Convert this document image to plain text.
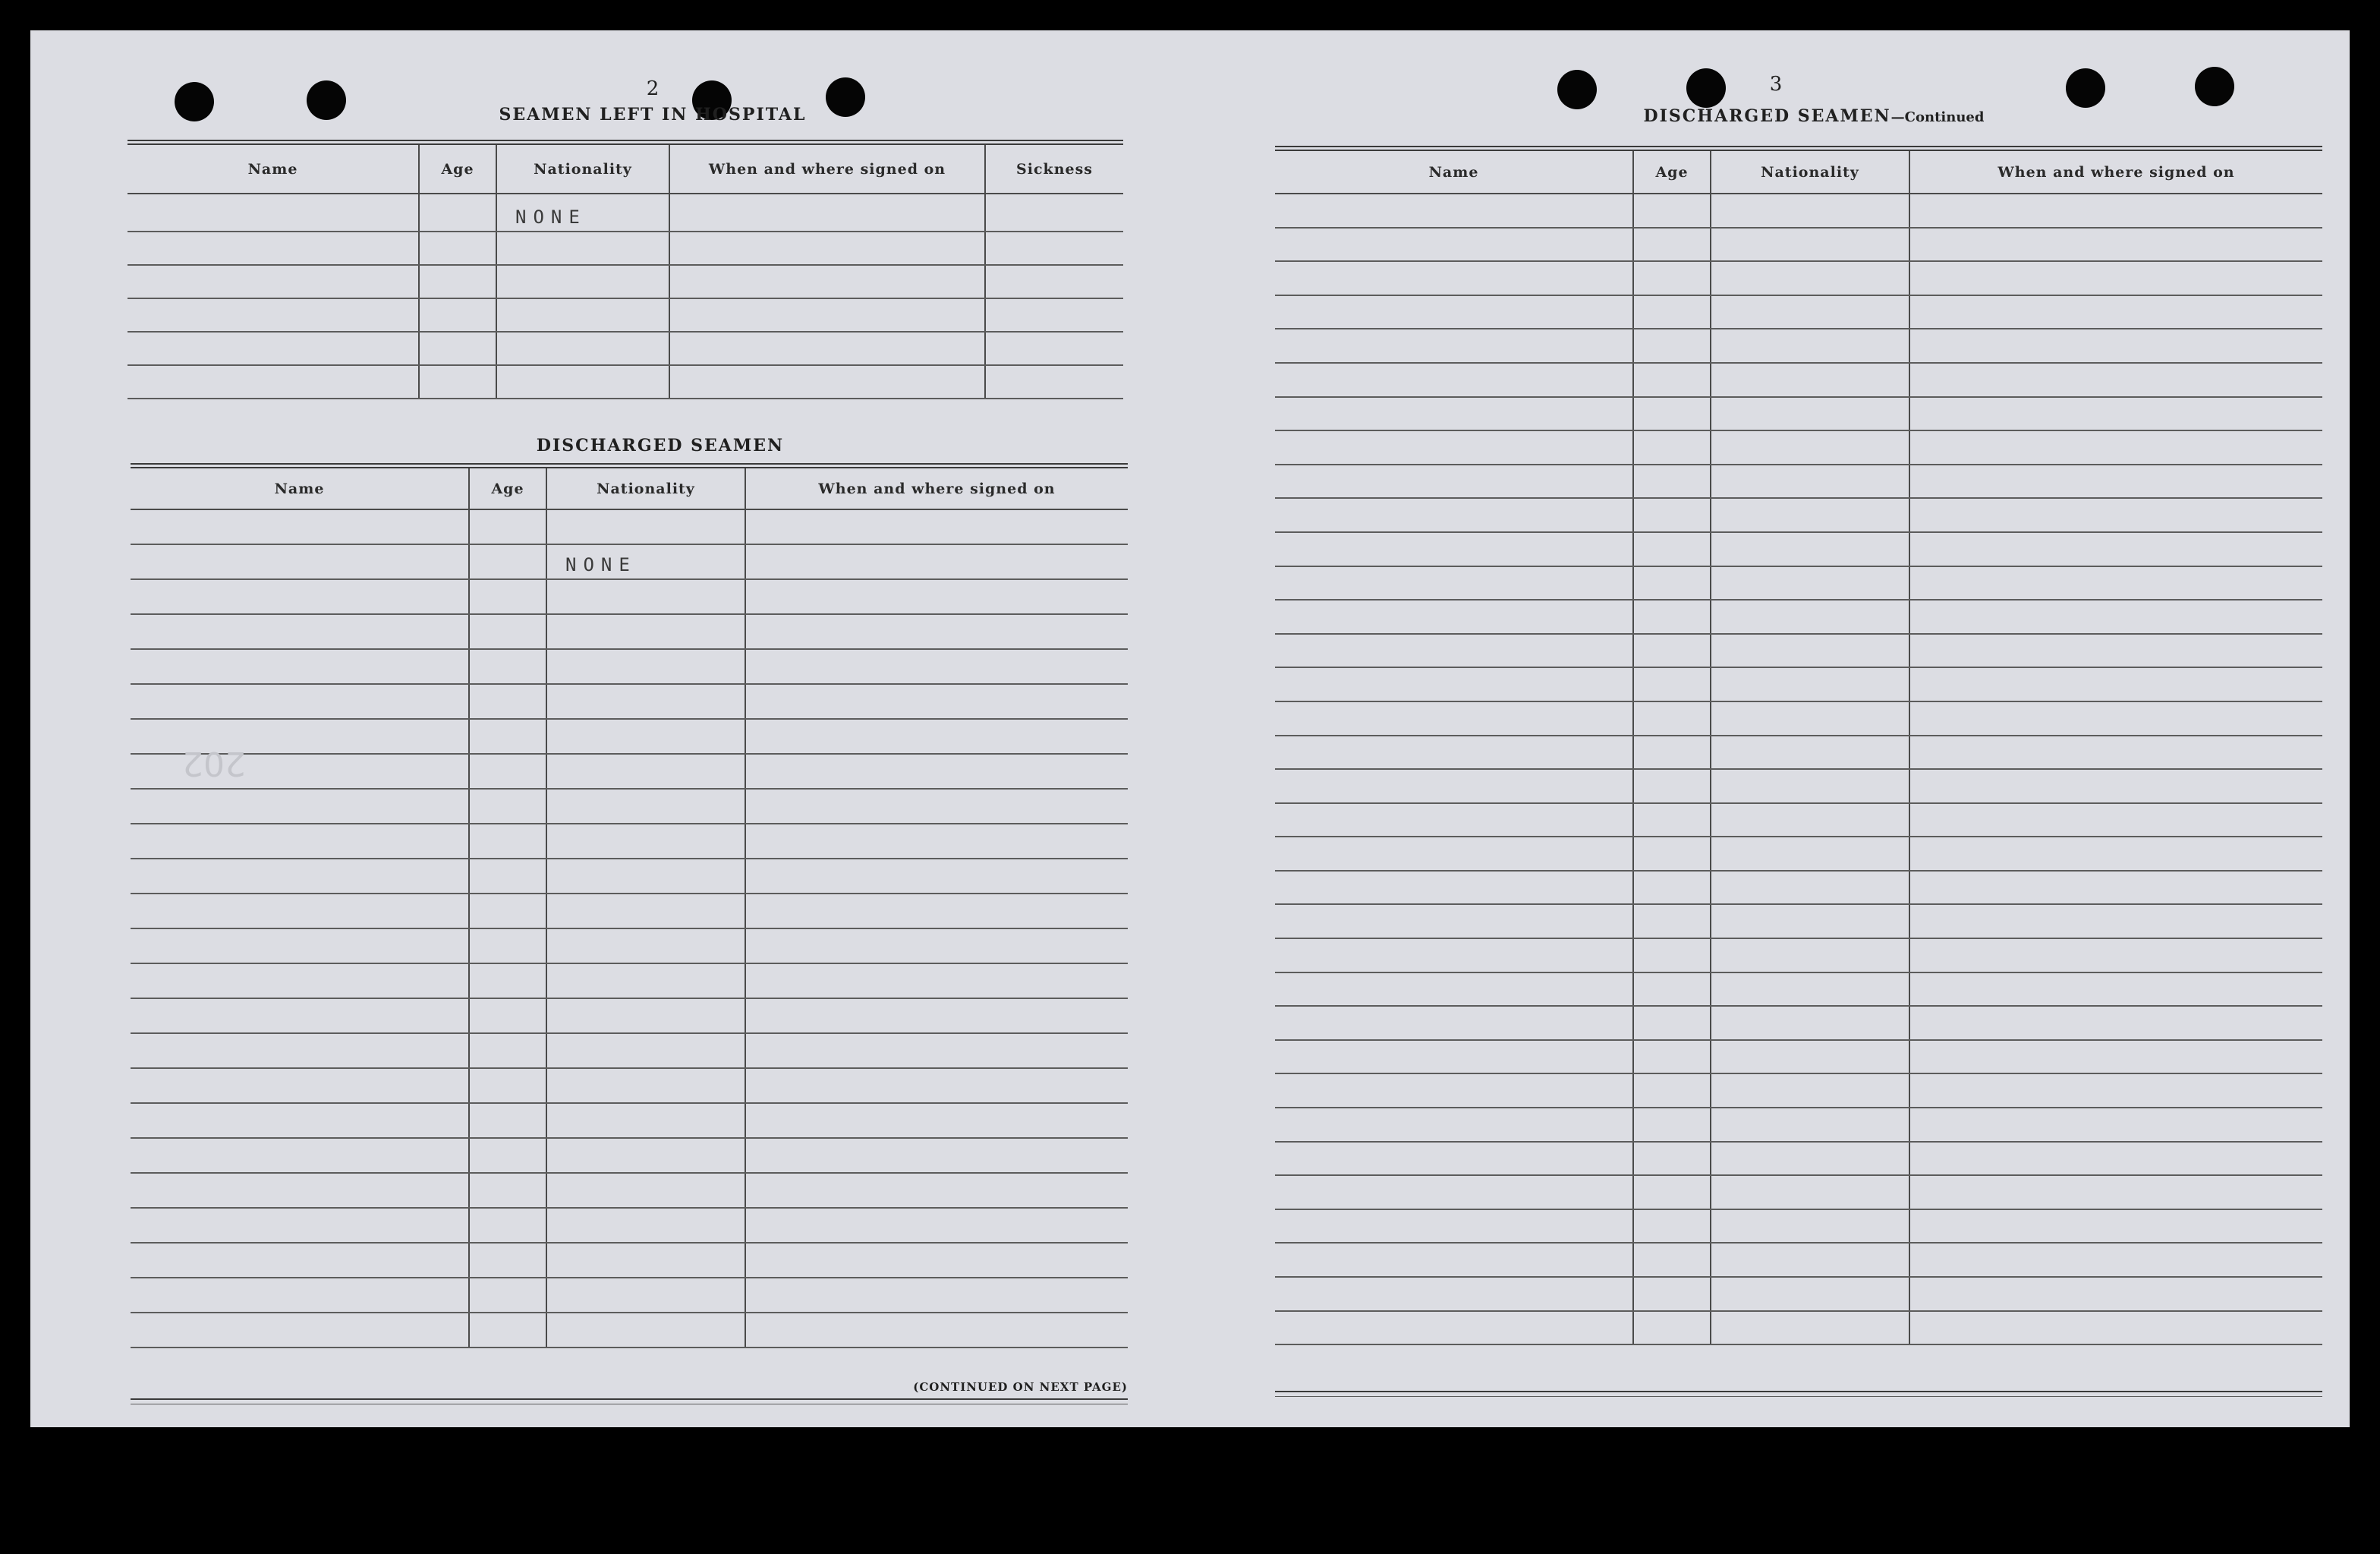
2
SEAMEN LEFT IN HOSPITAL
Name	Age	Nationality	When and where signed on	Sickness
		NONE		

DISCHARGED SEAMEN
Name	Age	Nationality	When and where signed on

		NONE	

(CONTINUED ON NEXT PAGE)
202
3
DISCHARGED SEAMEN—Continued
Name	Age	Nationality	When and where signed on
